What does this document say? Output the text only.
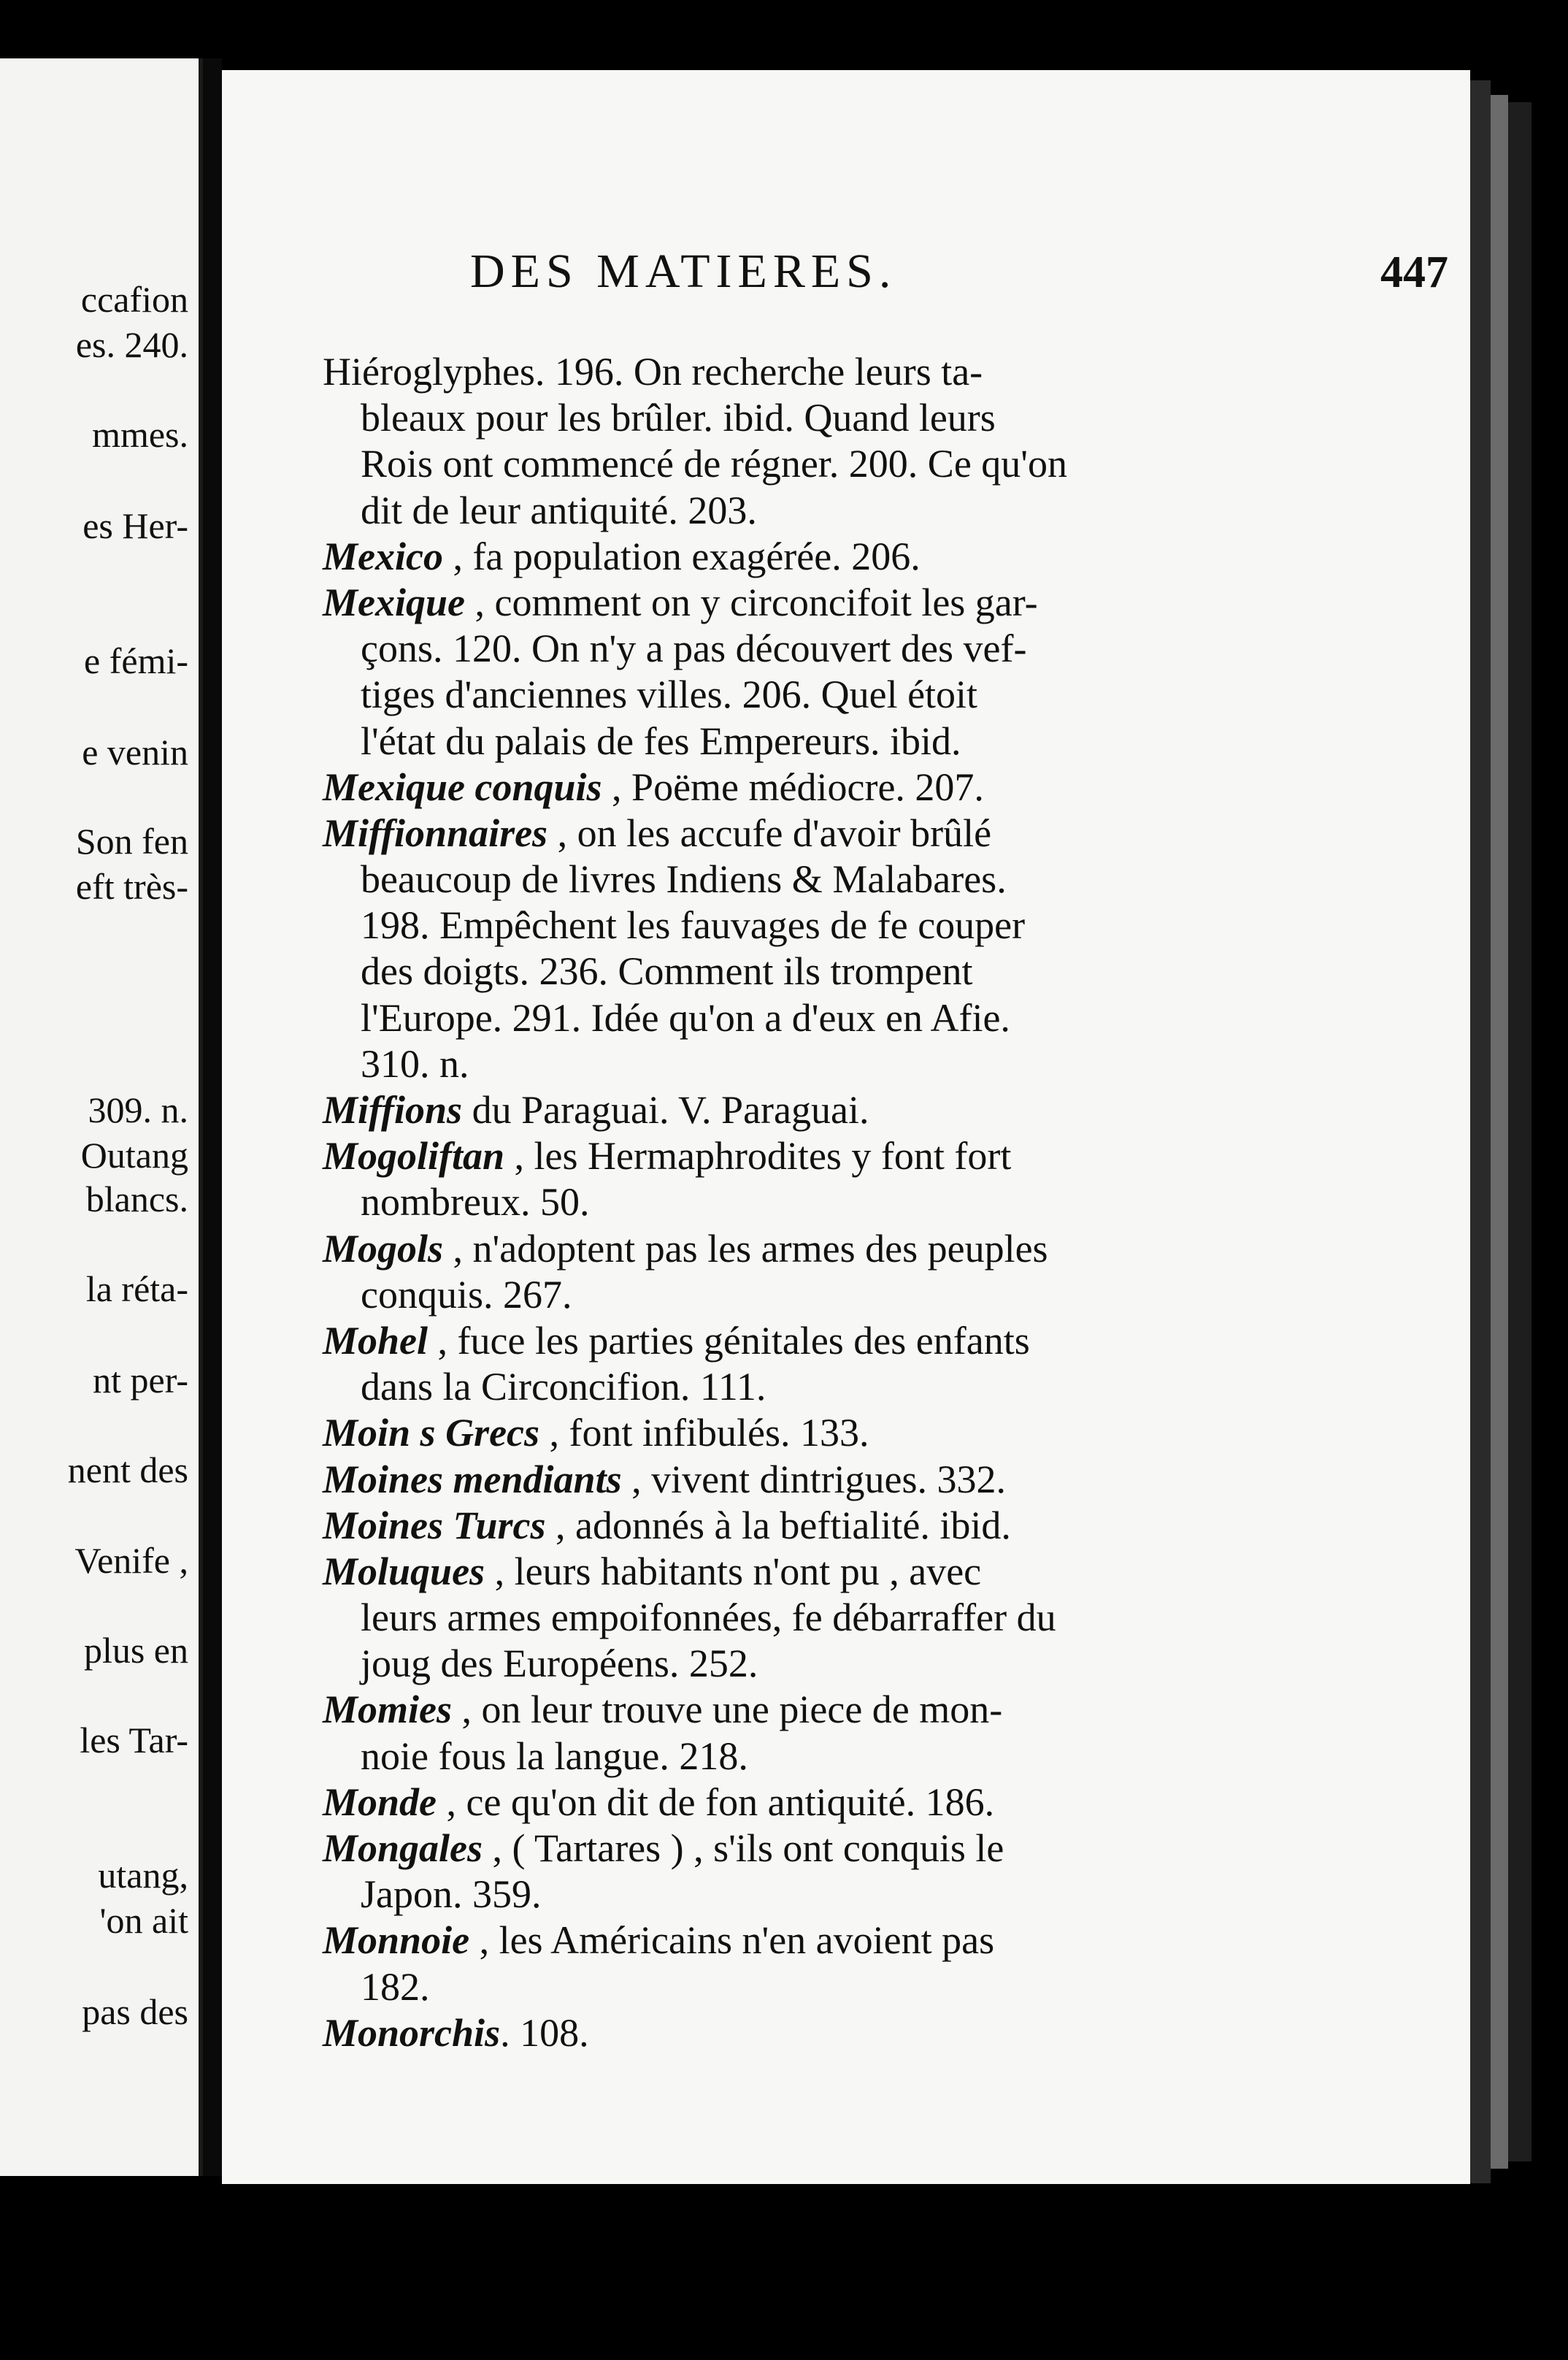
ccafion
es. 240.
mmes.
es Her-
e fémi-
e venin
Son fen
eft très-
309. n.
Outang
blancs.
la réta-
nt per-
nent des
Venife ,
plus en
les Tar-
utang,
'on ait
pas des
DES MATIERES.	447
Hiéroglyphes. 196. On recherche leurs ta-
bleaux pour les brûler. ibid. Quand leurs
Rois ont commencé de régner. 200. Ce qu'on
dit de leur antiquité. 203.
Mexico , fa population exagérée. 206.
Mexique , comment on y circoncifoit les gar-
çons. 120. On n'y a pas découvert des vef-
tiges d'anciennes villes. 206. Quel étoit
l'état du palais de fes Empereurs. ibid.
Mexique conquis , Poëme médiocre. 207.
Miffionnaires , on les accufe d'avoir brûlé
beaucoup de livres Indiens & Malabares.
198. Empêchent les fauvages de fe couper
des doigts. 236. Comment ils trompent
l'Europe. 291. Idée qu'on a d'eux en Afie.
310. n.
Miffions du Paraguai. V. Paraguai.
Mogoliftan , les Hermaphrodites y font fort
nombreux. 50.
Mogols , n'adoptent pas les armes des peuples
conquis. 267.
Mohel , fuce les parties génitales des enfants
dans la Circoncifion. 111.
Moin s Grecs , font infibulés. 133.
Moines mendiants , vivent dintrigues. 332.
Moines Turcs , adonnés à la beftialité. ibid.
Moluques , leurs habitants n'ont pu , avec
leurs armes empoifonnées, fe débarraffer du
joug des Européens. 252.
Momies , on leur trouve une piece de mon-
noie fous la langue. 218.
Monde , ce qu'on dit de fon antiquité. 186.
Mongales , ( Tartares ) , s'ils ont conquis le
Japon. 359.
Monnoie , les Américains n'en avoient pas
182.
Monorchis. 108.
